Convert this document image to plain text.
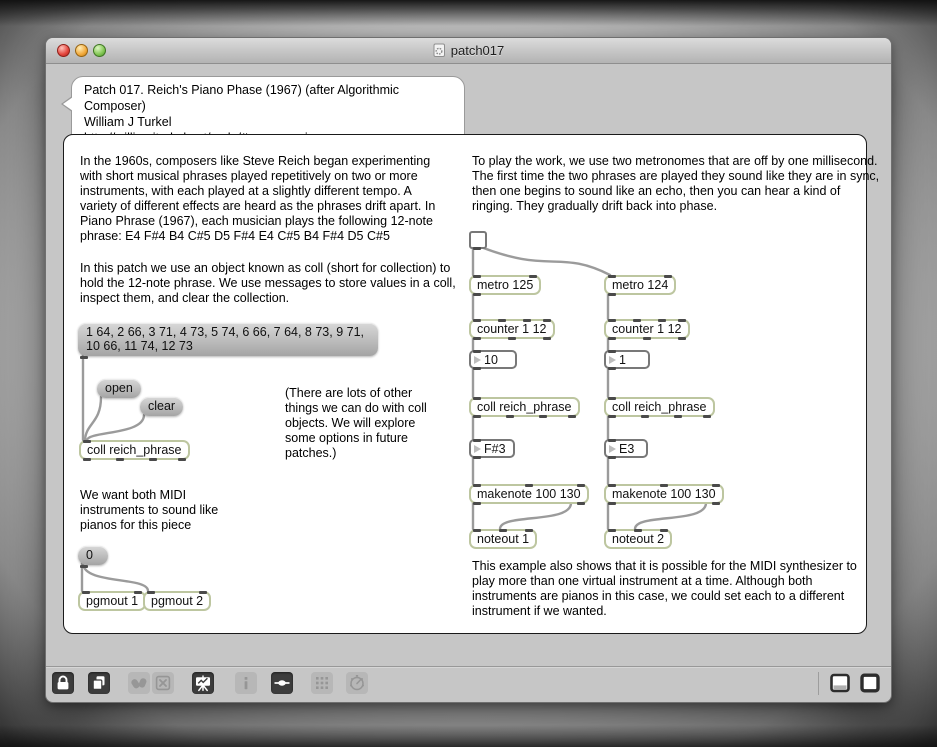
patch017
Patch 017. Reich's Piano Phase (1967) (after Algorithmic Composer)
William J Turkel
In the 1960s, composers like Steve Reich began experimenting with short musical phrases played repetitively on two or more instruments, with each played at a slightly different tempo. A variety of different effects are heard as the phrases drift apart. In Piano Phrase (1967), each musician plays the following 12-note phrase: E4 F#4 B4 C#5 D5 F#4 E4 C#5 B4 F#4 D5 C#5
In this patch we use an object known as coll (short for collection) to hold the 12-note phrase. We use messages to store values in a coll, inspect them, and clear the collection.
(There are lots of other things we can do with coll objects. We will explore some options in future patches.)
We want both MIDI instruments to sound like pianos for this piece
1 64, 2 66, 3 71, 4 73, 5 74, 6 66, 7 64, 8 73, 9 71, 10 66, 11 74, 12 73
open
clear
coll reich_phrase
0
pgmout 1	pgmout 2
To play the work, we use two metronomes that are off by one millisecond. The first time the two phrases are played they sound like they are in sync, then one begins to sound like an echo, then you can hear a kind of ringing. They gradually drift back into phase.
This example also shows that it is possible for the MIDI synthesizer to play more than one virtual instrument at a time. Although both instruments are pianos in this case, we could set each to a different instrument if we wanted.
metro 125
counter 1 12
10
coll reich_phrase
F#3
makenote 100 130
noteout 1
metro 124
counter 1 12
1
coll reich_phrase
E3
makenote 100 130
noteout 2
